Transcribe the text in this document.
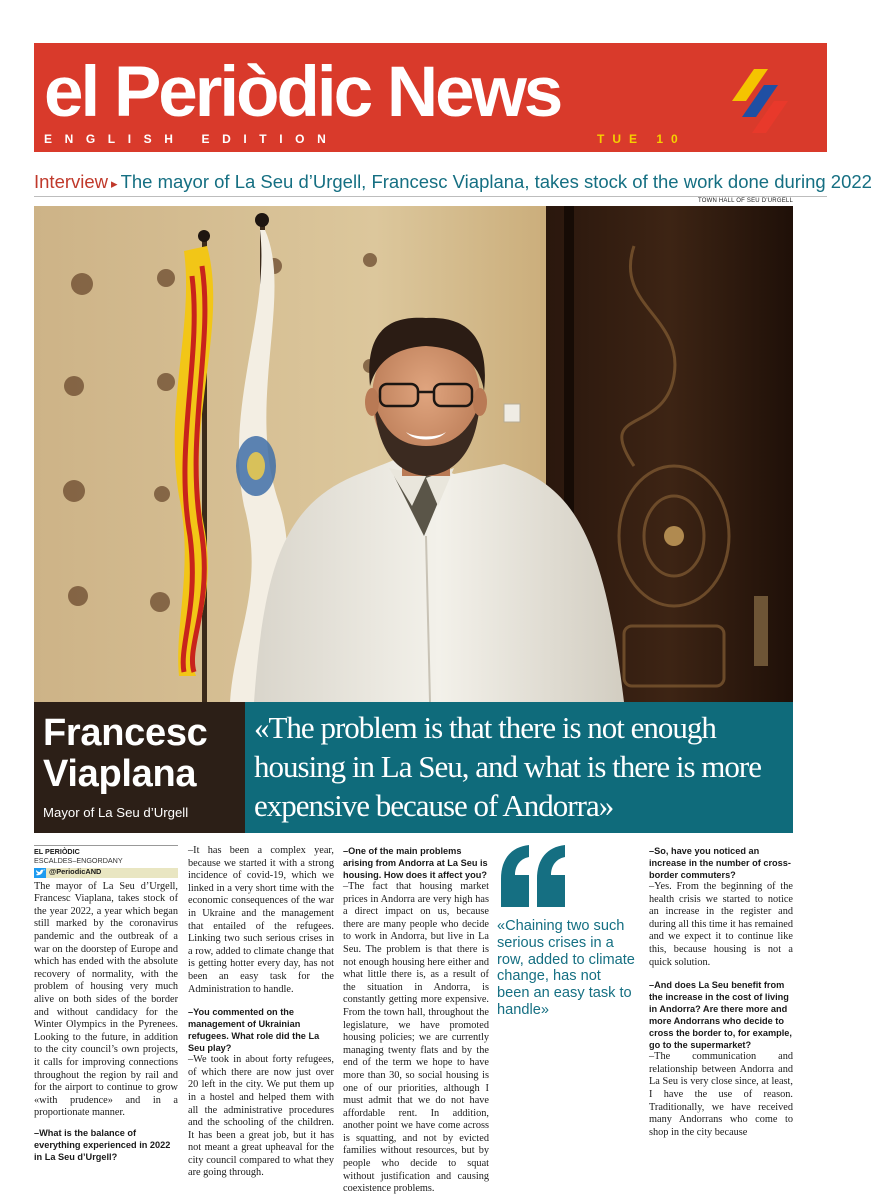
el Periòdic News
ENGLISH EDITION	TUE 10
Interview ▸ The mayor of La Seu d’Urgell, Francesc Viaplana, takes stock of the work done during 2022
TOWN HALL OF SEU D’URGELL
Francesc Viaplana
Mayor of La Seu d’Urgell
«The problem is that there is not enough housing in La Seu, and what is there is more expensive because of Andorra»
EL PERIÒDIC
ESCALDES–ENGORDANY
@PeriodicAND

The mayor of La Seu d’Urgell, Francesc Viaplana, takes stock of the year 2022, a year which began still marked by the coronavirus pandemic and the outbreak of a war on the doorstep of Europe and which has ended with the absolute recovery of normality, with the problem of housing very much alive on both sides of the border and without candidacy for the Winter Olympics in the Pyrenees. Looking to the future, in addition to the city council’s own projects, it calls for improving connections throughout the region by rail and for the airport to continue to grow «with prudence» and in a proportionate manner.

–What is the balance of everything experienced in 2022 in La Seu d’Urgell?

–It has been a complex year, because we started it with a strong incidence of covid-19, which we linked in a very short time with the economic consequences of the war in Ukraine and the management that entailed of the refugees. Linking two such serious crises in a row, added to climate change that is getting hotter every day, has not been an easy task for the Administration to handle.

–You commented on the management of Ukrainian refugees. What role did the La Seu play?

–We took in about forty refugees, of which there are now just over 20 left in the city. We put them up in a hostel and helped them with all the administrative procedures and the schooling of the children. It has been a great job, but it has not meant a great upheaval for the city council compared to what they are going through.

–One of the main problems arising from Andorra at La Seu is housing. How does it affect you?

–The fact that housing market prices in Andorra are very high has a direct impact on us, because there are many people who decide to work in Andorra, but live in La Seu. The problem is that there is not enough housing here either and what little there is, as a result of the situation in Andorra, is constantly getting more expensive. From the town hall, throughout the legislature, we have promoted housing policies; we are currently managing twenty flats and by the end of the term we hope to have more than 30, so social housing is one of our priorities, although I must admit that we do not have affordable rent. In addition, another point we have come across is squatting, and not by evicted families without resources, but by people who decide to squat without justification and causing coexistence problems.

«Chaining two such serious crises in a row, added to climate change, has not been an easy task to handle»

–So, have you noticed an increase in the number of cross-border commuters?

–Yes. From the beginning of the health crisis we started to notice an increase in the register and during all this time it has remained and we expect it to continue like this, because housing is not a quick solution.

–And does La Seu benefit from the increase in the cost of living in Andorra? Are there more and more Andorrans who decide to cross the border to, for example, go to the supermarket?

–The communication and relationship between Andorra and La Seu is very close since, at least, I have the use of reason. Traditionally, we have received many Andorrans who come to shop in the city because
